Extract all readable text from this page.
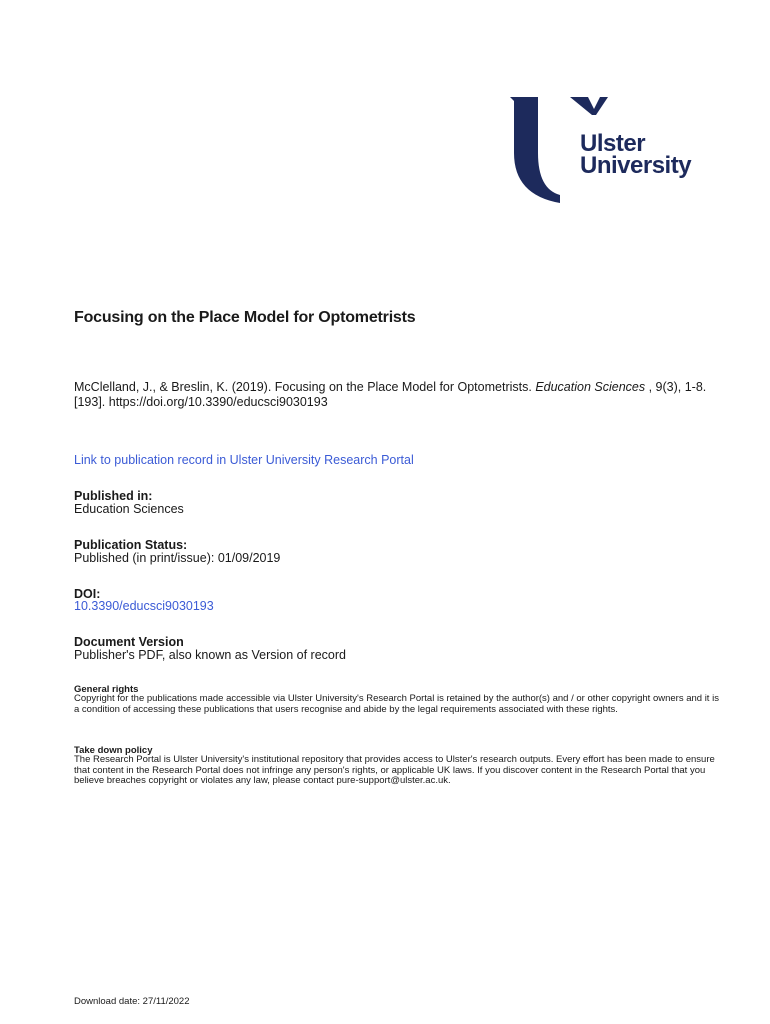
Ulster
University
Focusing on the Place Model for Optometrists
McClelland, J., & Breslin, K. (2019). Focusing on the Place Model for Optometrists. Education Sciences , 9(3), 1-8. [193]. https://doi.org/10.3390/educsci9030193
Link to publication record in Ulster University Research Portal
Published in:
Education Sciences
Publication Status:
Published (in print/issue): 01/09/2019
DOI:
10.3390/educsci9030193
Document Version
Publisher's PDF, also known as Version of record
General rights
Copyright for the publications made accessible via Ulster University's Research Portal is retained by the author(s) and / or other copyright owners and it is a condition of accessing these publications that users recognise and abide by the legal requirements associated with these rights.
Take down policy
The Research Portal is Ulster University's institutional repository that provides access to Ulster's research outputs. Every effort has been made to ensure that content in the Research Portal does not infringe any person's rights, or applicable UK laws. If you discover content in the Research Portal that you believe breaches copyright or violates any law, please contact pure-support@ulster.ac.uk.
Download date: 27/11/2022
